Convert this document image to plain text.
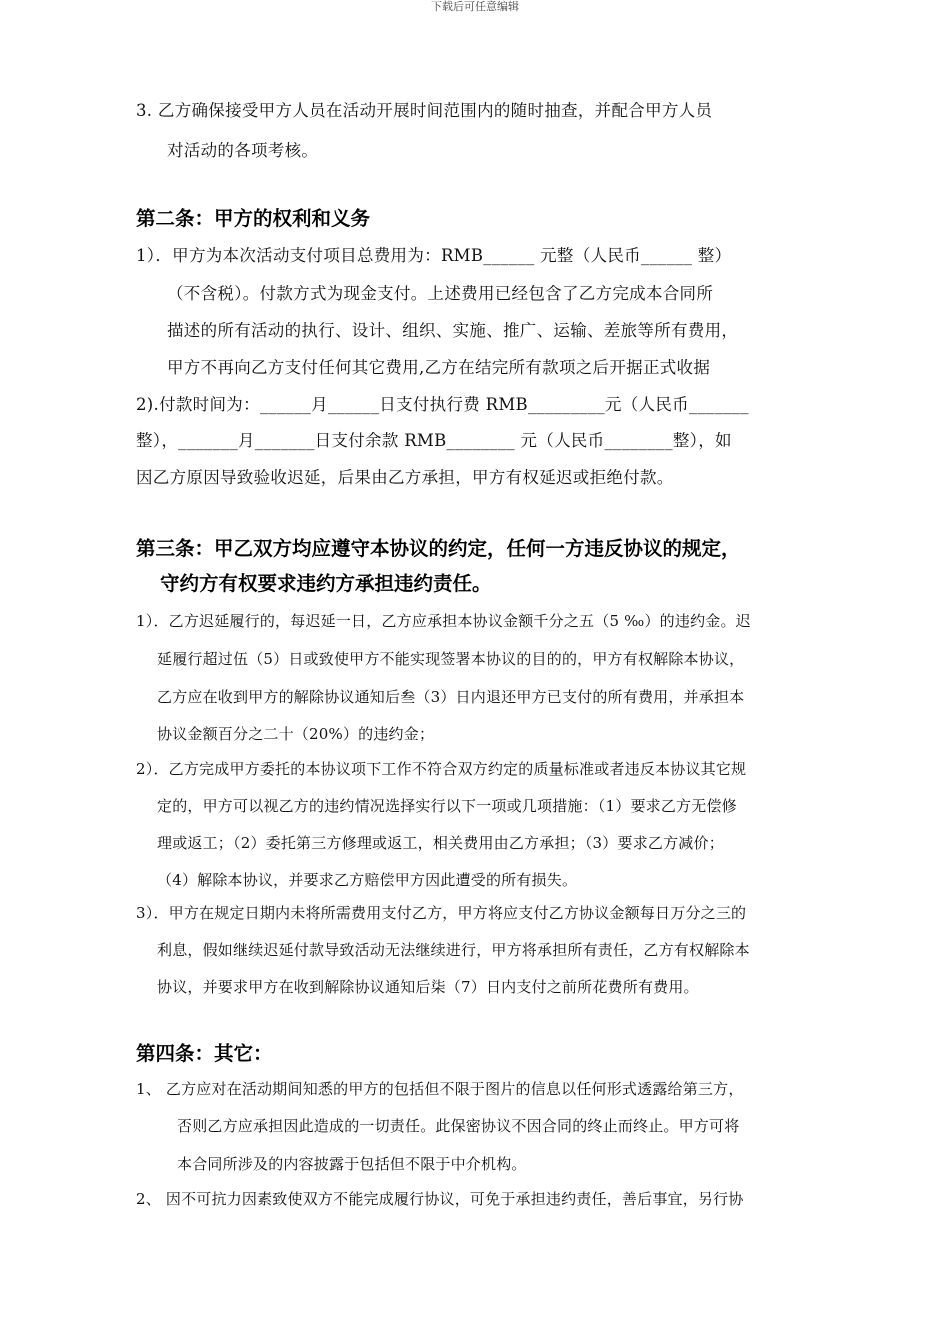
下载后可任意编辑
3. 乙方确保接受甲方人员在活动开展时间范围内的随时抽查，并配合甲方人员
对活动的各项考核。
第二条：甲方的权利和义务
1）．甲方为本次活动支付项目总费用为：RMB______ 元整（人民币______ 整）
（不含税）。付款方式为现金支付。上述费用已经包含了乙方完成本合同所
描述的所有活动的执行、设计、组织、实施、推广、运输、差旅等所有费用，
甲方不再向乙方支付任何其它费用,乙方在结完所有款项之后开据正式收据
2).付款时间为：______月______日支付执行费 RMB_________元（人民币_______
整），_______月_______日支付余款 RMB________ 元（人民币________整），如
因乙方原因导致验收迟延，后果由乙方承担，甲方有权延迟或拒绝付款。
第三条：甲乙双方均应遵守本协议的约定，任何一方违反协议的规定，
守约方有权要求违约方承担违约责任。
1）．乙方迟延履行的，每迟延一日，乙方应承担本协议金额千分之五（5 ‰）的违约金。迟
延履行超过伍（5）日或致使甲方不能实现签署本协议的目的的，甲方有权解除本协议，
乙方应在收到甲方的解除协议通知后叁（3）日内退还甲方已支付的所有费用，并承担本
协议金额百分之二十（20%）的违约金；
2）．乙方完成甲方委托的本协议项下工作不符合双方约定的质量标准或者违反本协议其它规
定的，甲方可以视乙方的违约情况选择实行以下一项或几项措施：（1）要求乙方无偿修
理或返工；（2）委托第三方修理或返工，相关费用由乙方承担；（3）要求乙方减价；
（4）解除本协议，并要求乙方赔偿甲方因此遭受的所有损失。
3）．甲方在规定日期内未将所需费用支付乙方，甲方将应支付乙方协议金额每日万分之三的
利息，假如继续迟延付款导致活动无法继续进行，甲方将承担所有责任，乙方有权解除本
协议，并要求甲方在收到解除协议通知后柒（7）日内支付之前所花费所有费用。
第四条：其它：
1、 乙方应对在活动期间知悉的甲方的包括但不限于图片的信息以任何形式透露给第三方，
否则乙方应承担因此造成的一切责任。此保密协议不因合同的终止而终止。甲方可将
本合同所涉及的内容披露于包括但不限于中介机构。
2、 因不可抗力因素致使双方不能完成履行协议，可免于承担违约责任，善后事宜，另行协
